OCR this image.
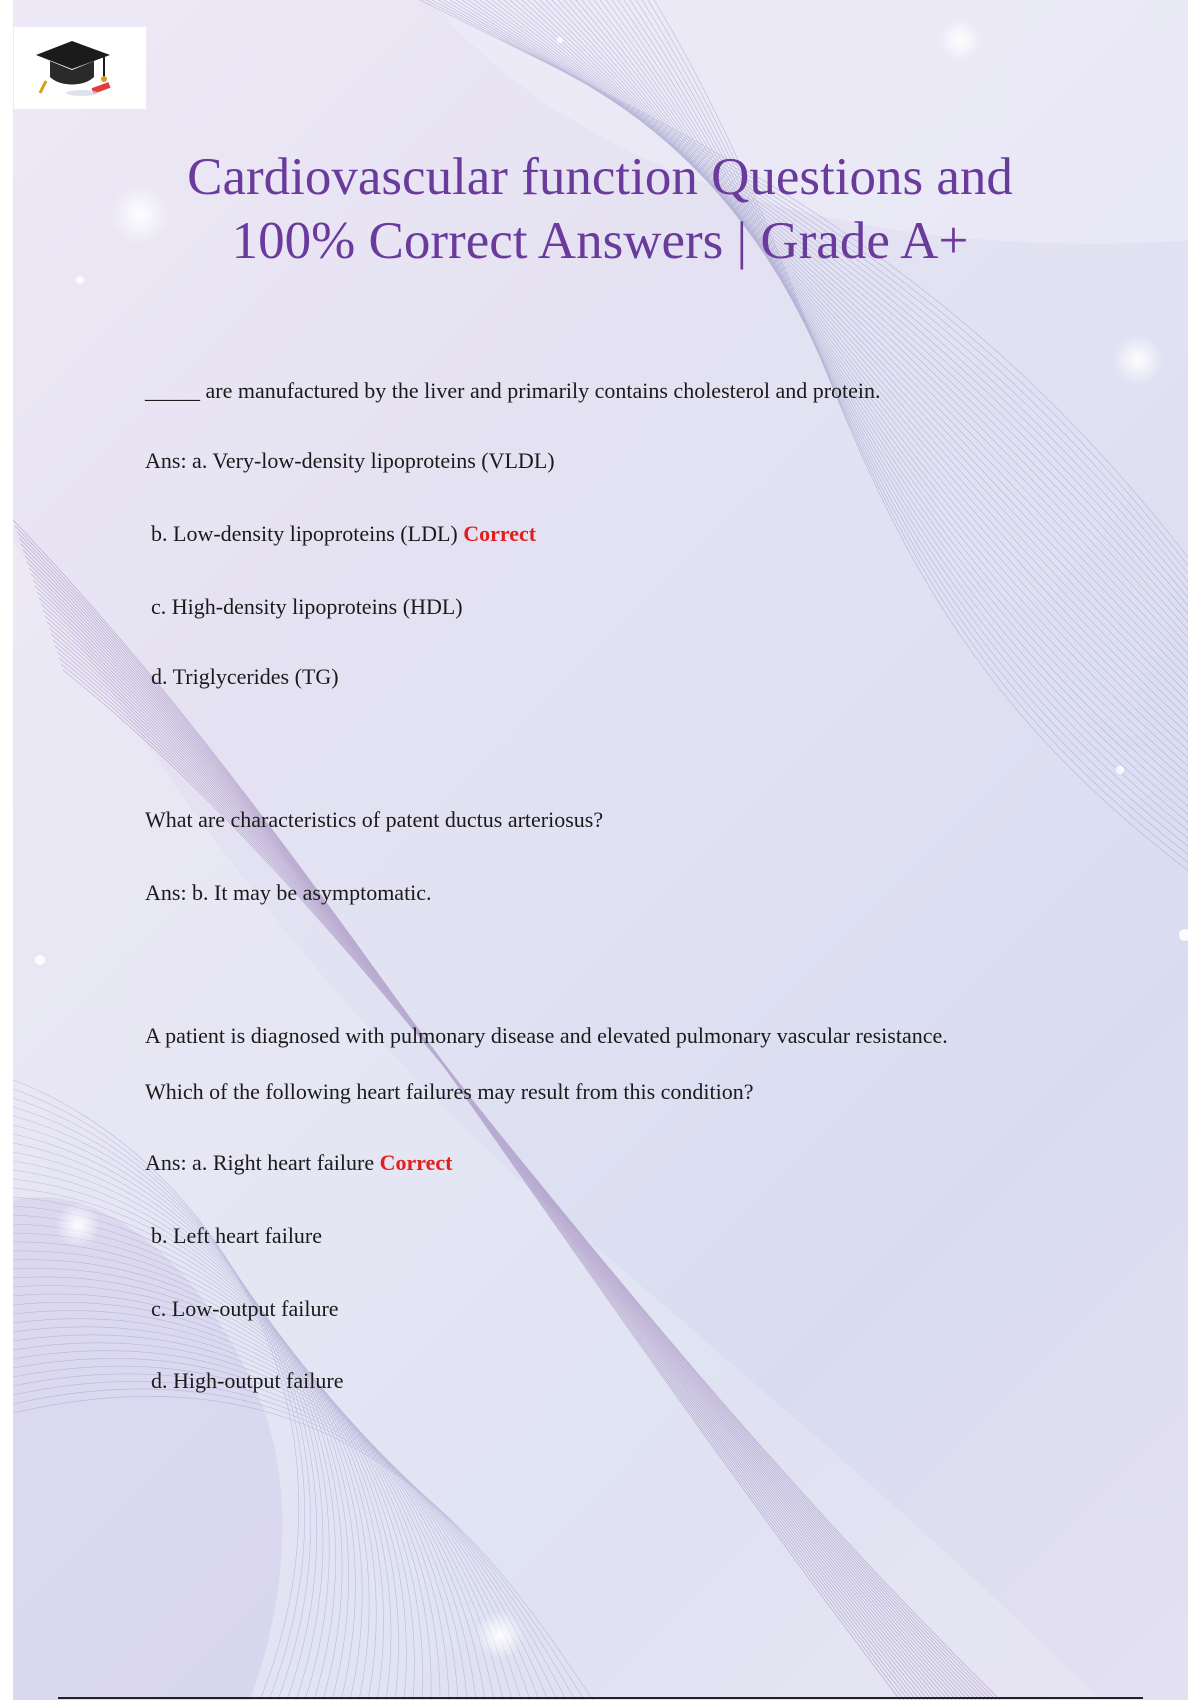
Cardiovascular function Questions and
100% Correct Answers | Grade A+
_____ are manufactured by the liver and primarily contains cholesterol and protein.
Ans: a. Very-low-density lipoproteins (VLDL)
b. Low-density lipoproteins (LDL) Correct
c. High-density lipoproteins (HDL)
d. Triglycerides (TG)
What are characteristics of patent ductus arteriosus?
Ans: b. It may be asymptomatic.
A patient is diagnosed with pulmonary disease and elevated pulmonary vascular resistance.
Which of the following heart failures may result from this condition?
Ans: a. Right heart failure Correct
b. Left heart failure
c. Low-output failure
d. High-output failure
